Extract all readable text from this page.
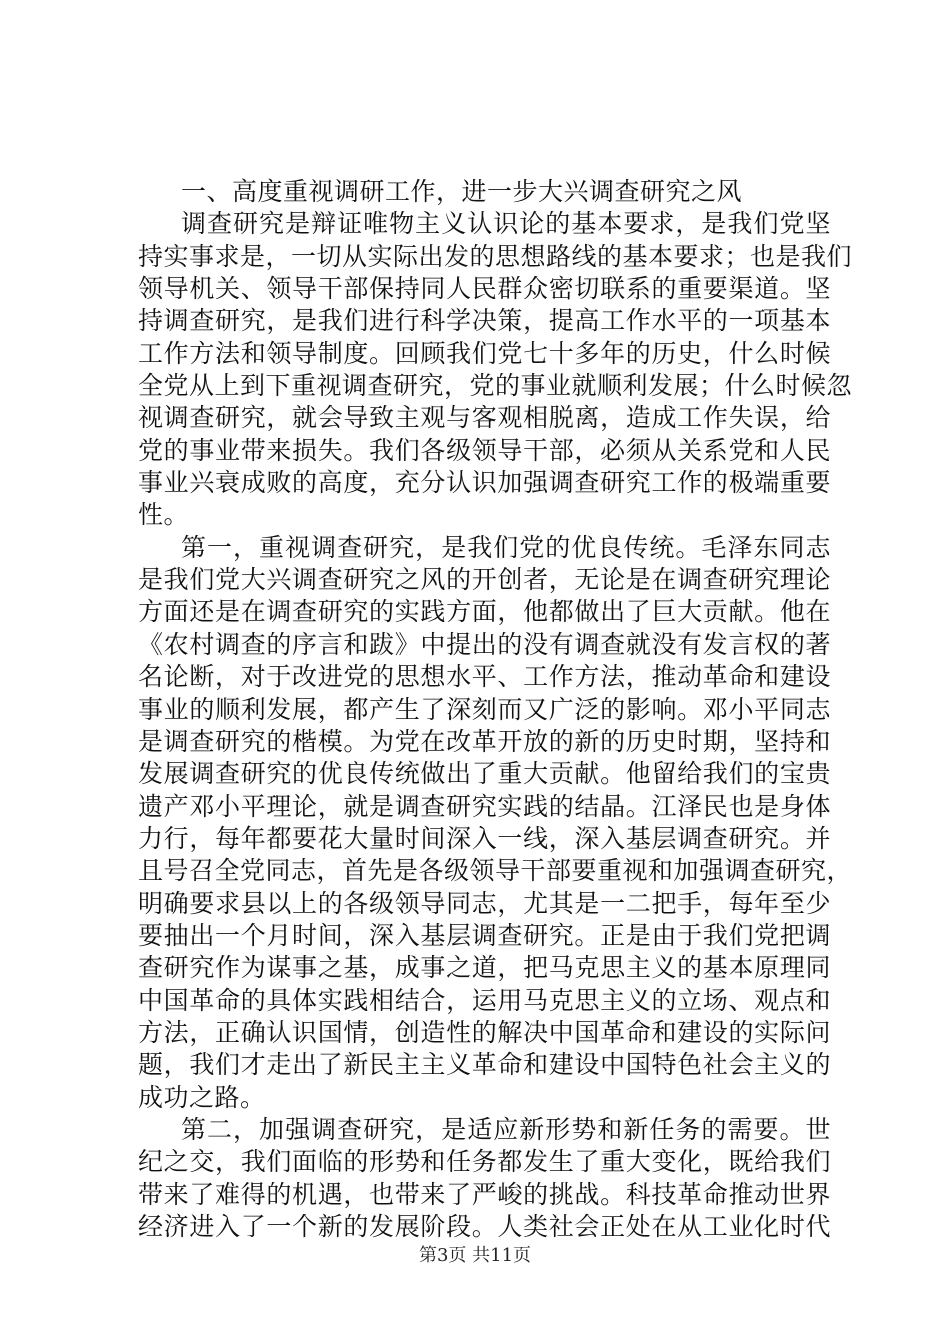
一、高度重视调研工作，进一步大兴调查研究之风
调查研究是辩证唯物主义认识论的基本要求，是我们党坚
持实事求是，一切从实际出发的思想路线的基本要求；也是我们
领导机关、领导干部保持同人民群众密切联系的重要渠道。坚
持调查研究，是我们进行科学决策，提高工作水平的一项基本
工作方法和领导制度。回顾我们党七十多年的历史，什么时候
全党从上到下重视调查研究，党的事业就顺利发展；什么时候忽
视调查研究，就会导致主观与客观相脱离，造成工作失误，给
党的事业带来损失。我们各级领导干部，必须从关系党和人民
事业兴衰成败的高度，充分认识加强调查研究工作的极端重要
性。
第一，重视调查研究，是我们党的优良传统。毛泽东同志
是我们党大兴调查研究之风的开创者，无论是在调查研究理论
方面还是在调查研究的实践方面，他都做出了巨大贡献。他在
《农村调查的序言和跋》中提出的没有调查就没有发言权的著
名论断，对于改进党的思想水平、工作方法，推动革命和建设
事业的顺利发展，都产生了深刻而又广泛的影响。邓小平同志
是调查研究的楷模。为党在改革开放的新的历史时期，坚持和
发展调查研究的优良传统做出了重大贡献。他留给我们的宝贵
遗产邓小平理论，就是调查研究实践的结晶。江泽民也是身体
力行，每年都要花大量时间深入一线，深入基层调查研究。并
且号召全党同志，首先是各级领导干部要重视和加强调查研究，
明确要求县以上的各级领导同志，尤其是一二把手，每年至少
要抽出一个月时间，深入基层调查研究。正是由于我们党把调
查研究作为谋事之基，成事之道，把马克思主义的基本原理同
中国革命的具体实践相结合，运用马克思主义的立场、观点和
方法，正确认识国情，创造性的解决中国革命和建设的实际问
题，我们才走出了新民主主义革命和建设中国特色社会主义的
成功之路。
第二，加强调查研究，是适应新形势和新任务的需要。世
纪之交，我们面临的形势和任务都发生了重大变化，既给我们
带来了难得的机遇，也带来了严峻的挑战。科技革命推动世界
经济进入了一个新的发展阶段。人类社会正处在从工业化时代
第3页 共11页
